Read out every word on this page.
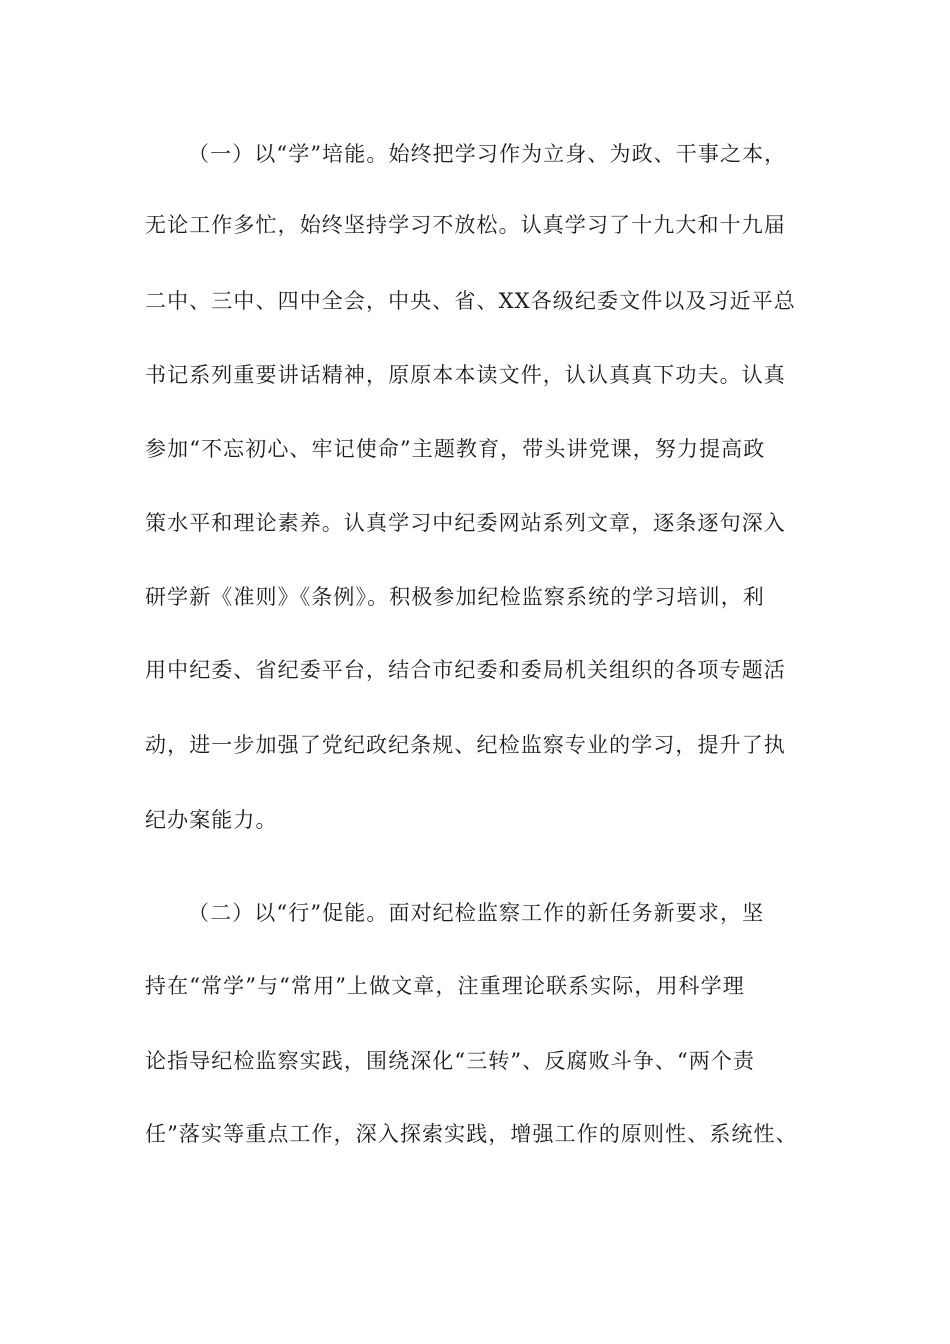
（一）以“学”培能。始终把学习作为立身、为政、干事之本，
无论工作多忙，始终坚持学习不放松。认真学习了十九大和十九届
二中、三中、四中全会，中央、省、XX各级纪委文件以及习近平总
书记系列重要讲话精神，原原本本读文件，认认真真下功夫。认真
参加“不忘初心、牢记使命”主题教育，带头讲党课，努力提高政
策水平和理论素养。认真学习中纪委网站系列文章，逐条逐句深入
研学新《准则》《条例》。积极参加纪检监察系统的学习培训，利
用中纪委、省纪委平台，结合市纪委和委局机关组织的各项专题活
动，进一步加强了党纪政纪条规、纪检监察专业的学习，提升了执
纪办案能力。
（二）以“行”促能。面对纪检监察工作的新任务新要求，坚
持在“常学”与“常用”上做文章，注重理论联系实际，用科学理
论指导纪检监察实践，围绕深化“三转”、反腐败斗争、“两个责
任”落实等重点工作，深入探索实践，增强工作的原则性、系统性、
